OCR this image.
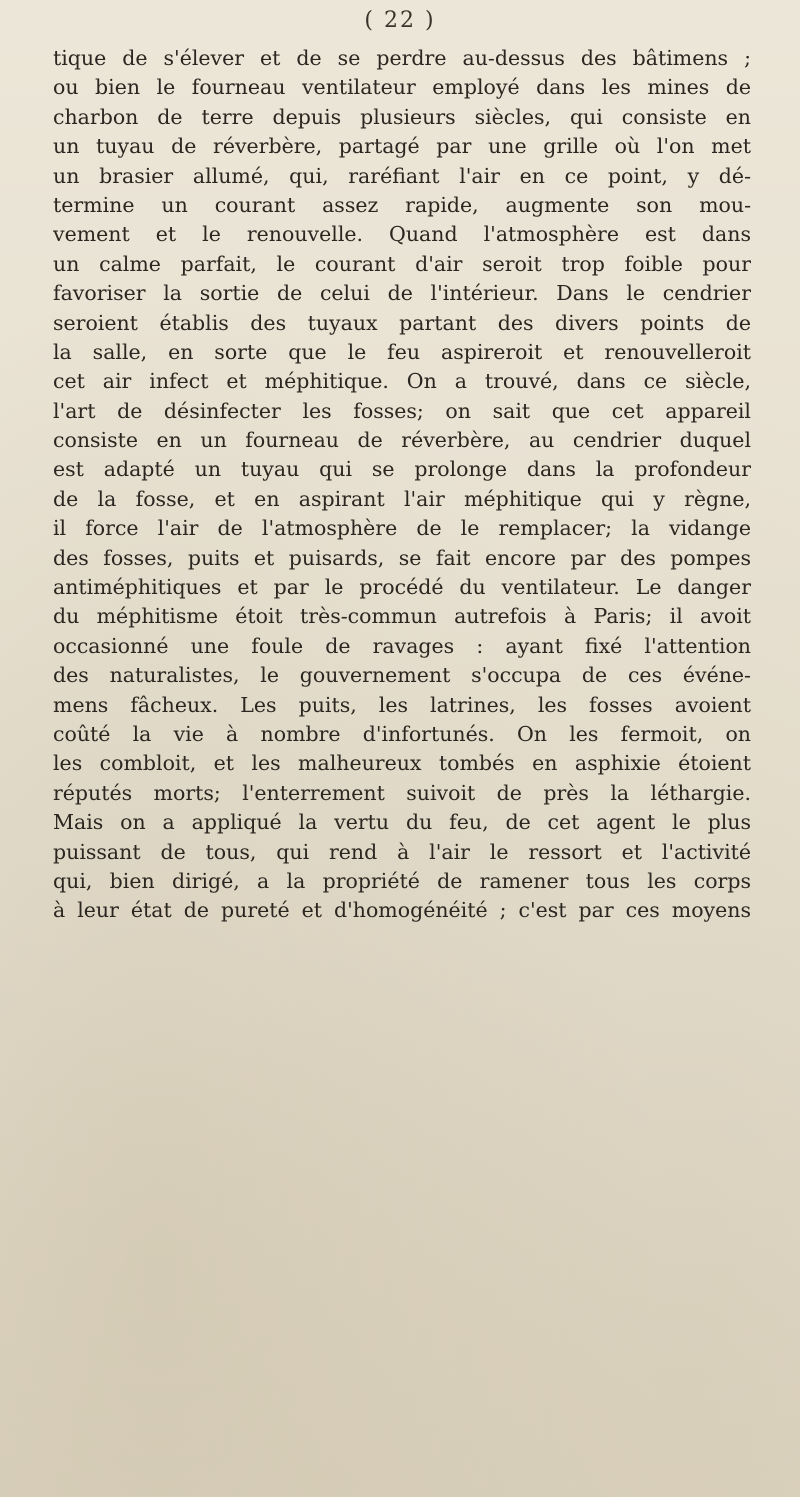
( 22 )
tique de s'élever et de se perdre au-dessus des bâtimens ;
ou bien le fourneau ventilateur employé dans les mines de
charbon de terre depuis plusieurs siècles, qui consiste en
un tuyau de réverbère, partagé par une grille où l'on met
un brasier allumé, qui, raréfiant l'air en ce point, y dé-
termine un courant assez rapide, augmente son mou-
vement et le renouvelle. Quand l'atmosphère est dans
un calme parfait, le courant d'air seroit trop foible pour
favoriser la sortie de celui de l'intérieur. Dans le cendrier
seroient établis des tuyaux partant des divers points de
la salle, en sorte que le feu aspireroit et renouvelleroit
cet air infect et méphitique. On a trouvé, dans ce siècle,
l'art de désinfecter les fosses; on sait que cet appareil
consiste en un fourneau de réverbère, au cendrier duquel
est adapté un tuyau qui se prolonge dans la profondeur
de la fosse, et en aspirant l'air méphitique qui y règne,
il force l'air de l'atmosphère de le remplacer; la vidange
des fosses, puits et puisards, se fait encore par des pompes
antiméphitiques et par le procédé du ventilateur. Le danger
du méphitisme étoit très-commun autrefois à Paris; il avoit
occasionné une foule de ravages : ayant fixé l'attention
des naturalistes, le gouvernement s'occupa de ces événe-
mens fâcheux. Les puits, les latrines, les fosses avoient
coûté la vie à nombre d'infortunés. On les fermoit, on
les combloit, et les malheureux tombés en asphixie étoient
réputés morts; l'enterrement suivoit de près la léthargie.
Mais on a appliqué la vertu du feu, de cet agent le plus
puissant de tous, qui rend à l'air le ressort et l'activité
qui, bien dirigé, a la propriété de ramener tous les corps
à leur état de pureté et d'homogénéité ; c'est par ces moyens
